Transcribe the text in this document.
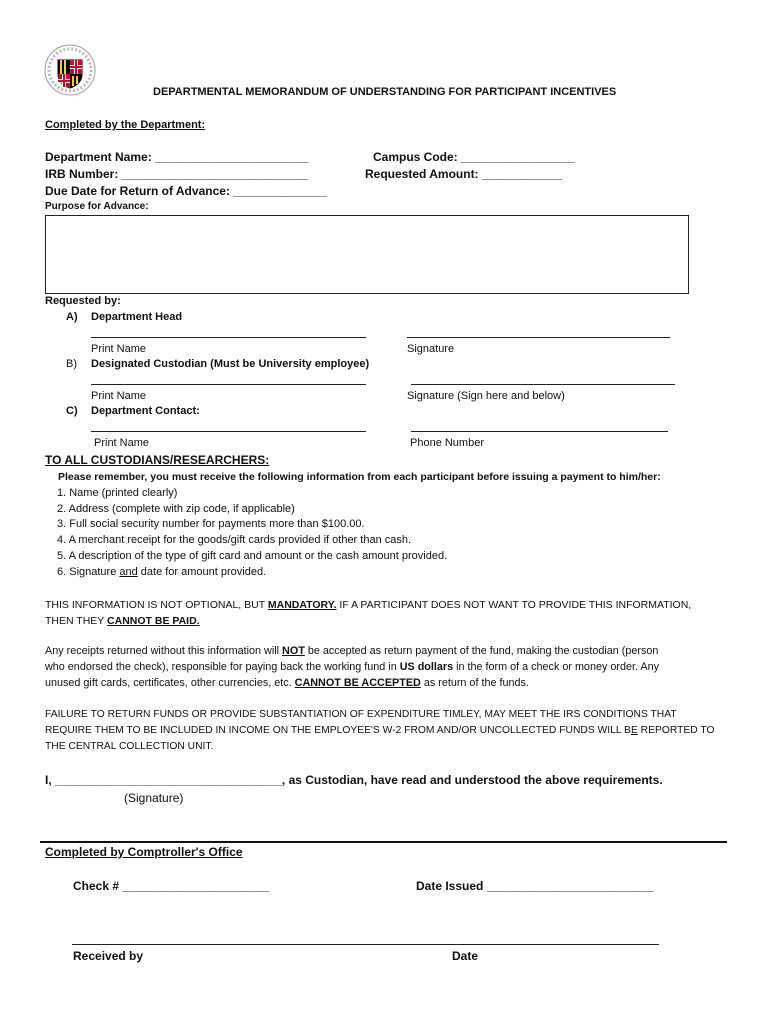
DEPARTMENTAL MEMORANDUM OF UNDERSTANDING FOR PARTICIPANT INCENTIVES
Completed by the Department:
Department Name: _______________________	Campus Code: _________________
IRB Number: ____________________________	Requested Amount: ____________
Due Date for Return of Advance: ______________
Purpose for Advance:
Requested by:
A) Department Head
Print Name	Signature
B) Designated Custodian (Must be University employee)
Print Name	Signature (Sign here and below)
C) Department Contact:
Print Name	Phone Number
TO ALL CUSTODIANS/RESEARCHERS:
Please remember, you must receive the following information from each participant before issuing a payment to him/her:
1. Name (printed clearly)
2. Address (complete with zip code, if applicable)
3. Full social security number for payments more than $100.00.
4. A merchant receipt for the goods/gift cards provided if other than cash.
5. A description of the type of gift card and amount or the cash amount provided.
6. Signature and date for amount provided.
THIS INFORMATION IS NOT OPTIONAL, BUT MANDATORY. IF A PARTICIPANT DOES NOT WANT TO PROVIDE THIS INFORMATION,
THEN THEY CANNOT BE PAID.
Any receipts returned without this information will NOT be accepted as return payment of the fund, making the custodian (person
who endorsed the check), responsible for paying back the working fund in US dollars in the form of a check or money order. Any
unused gift cards, certificates, other currencies, etc. CANNOT BE ACCEPTED as return of the funds.
FAILURE TO RETURN FUNDS OR PROVIDE SUBSTANTIATION OF EXPENDITURE TIMLEY, MAY MEET THE IRS CONDITIONS THAT
REQUIRE THEM TO BE INCLUDED IN INCOME ON THE EMPLOYEE'S W-2 FROM AND/OR UNCOLLECTED FUNDS WILL BE REPORTED TO
THE CENTRAL COLLECTION UNIT.
I, __________________________________, as Custodian, have read and understood the above requirements.
(Signature)
Completed by Comptroller's Office
Check # ______________________	Date Issued _________________________
Received by	Date
